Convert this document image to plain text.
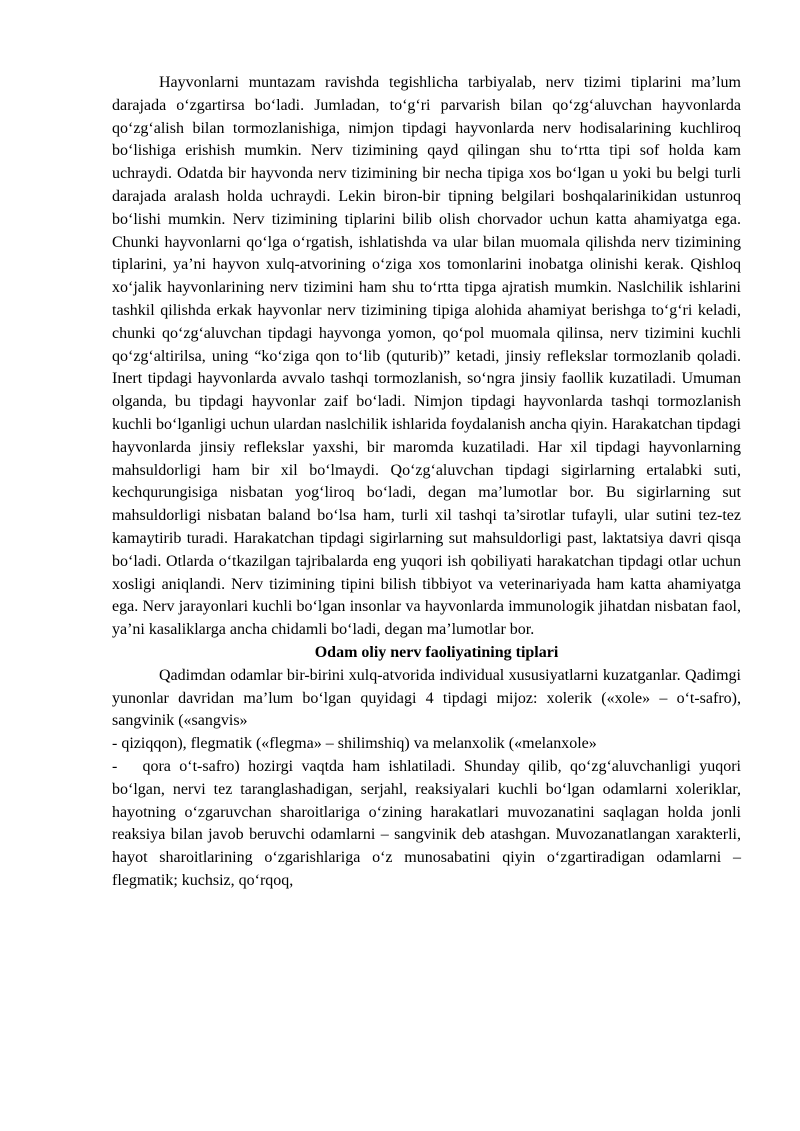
Hayvonlarni muntazam ravishda tegishlicha tarbiyalab, nerv tizimi tiplarini ma’lum darajada o‘zgartirsa bo‘ladi. Jumladan, to‘g‘ri parvarish bilan qo‘zg‘aluvchan hayvonlarda qo‘zg‘alish bilan tormozlanishiga, nimjon tipdagi hayvonlarda nerv hodisalarining kuchliroq bo‘lishiga erishish mumkin. Nerv tizimining qayd qilingan shu to‘rtta tipi sof holda kam uchraydi. Odatda bir hayvonda nerv tizimining bir necha tipiga xos bo‘lgan u yoki bu belgi turli darajada aralash holda uchraydi. Lekin biron-bir tipning belgilari boshqalarinikidan ustunroq bo‘lishi mumkin. Nerv tizimining tiplarini bilib olish chorvador uchun katta ahamiyatga ega. Chunki hayvonlarni qo‘lga o‘rgatish, ishlatishda va ular bilan muomala qilishda nerv tizimining tiplarini, ya’ni hayvon xulq-atvorining o‘ziga xos tomonlarini inobatga olinishi kerak. Qishloq xo‘jalik hayvonlarining nerv tizimini ham shu to‘rtta tipga ajratish mumkin. Naslchilik ishlarini tashkil qilishda erkak hayvonlar nerv tizimining tipiga alohida ahamiyat berishga to‘g‘ri keladi, chunki qo‘zg‘aluvchan tipdagi hayvonga yomon, qo‘pol muomala qilinsa, nerv tizimini kuchli qo‘zg‘altirilsa, uning “ko‘ziga qon to‘lib (quturib)” ketadi, jinsiy reflekslar tormozlanib qoladi. Inert tipdagi hayvonlarda avvalo tashqi tormozlanish, so‘ngra jinsiy faollik kuzatiladi. Umuman olganda, bu tipdagi hayvonlar zaif bo‘ladi. Nimjon tipdagi hayvonlarda tashqi tormozlanish kuchli bo‘lganligi uchun ulardan naslchilik ishlarida foydalanish ancha qiyin. Harakatchan tipdagi hayvonlarda jinsiy reflekslar yaxshi, bir maromda kuzatiladi. Har xil tipdagi hayvonlarning mahsuldorligi ham bir xil bo‘lmaydi. Qo‘zg‘aluvchan tipdagi sigirlarning ertalabki suti, kechqurungisiga nisbatan yog‘liroq bo‘ladi, degan ma’lumotlar bor. Bu sigirlarning sut mahsuldorligi nisbatan baland bo‘lsa ham, turli xil tashqi ta’sirotlar tufayli, ular sutini tez-tez kamaytirib turadi. Harakatchan tipdagi sigirlarning sut mahsuldorligi past, laktatsiya davri qisqa bo‘ladi. Otlarda o‘tkazilgan tajribalarda eng yuqori ish qobiliyati harakatchan tipdagi otlar uchun xosligi aniqlandi. Nerv tizimining tipini bilish tibbiyot va veterinariyada ham katta ahamiyatga ega. Nerv jarayonlari kuchli bo‘lgan insonlar va hayvonlarda immunologik jihatdan nisbatan faol, ya’ni kasaliklarga ancha chidamli bo‘ladi, degan ma’lumotlar bor.

Odam oliy nerv faoliyatining tiplari

Qadimdan odamlar bir-birini xulq-atvorida individual xususiyatlarni kuzatganlar. Qadimgi yunonlar davridan ma’lum bo‘lgan quyidagi 4 tipdagi mijoz: xolerik («xole» – o‘t-safro), sangvinik («sangvis»

- qiziqqon), flegmatik («flegma» – shilimshiq) va melanxolik («melanxole»

- qora o‘t-safro) hozirgi vaqtda ham ishlatiladi. Shunday qilib, qo‘zg‘aluvchanligi yuqori bo‘lgan, nervi tez taranglashadigan, serjahl, reaksiyalari kuchli bo‘lgan odamlarni xoleriklar, hayotning o‘zgaruvchan sharoitlariga o‘zining harakatlari muvozanatini saqlagan holda jonli reaksiya bilan javob beruvchi odamlarni – sangvinik deb atashgan. Muvozanatlangan xarakterli, hayot sharoitlarining o‘zgarishlariga o‘z munosabatini qiyin o‘zgartiradigan odamlarni – flegmatik; kuchsiz, qo‘rqoq,
